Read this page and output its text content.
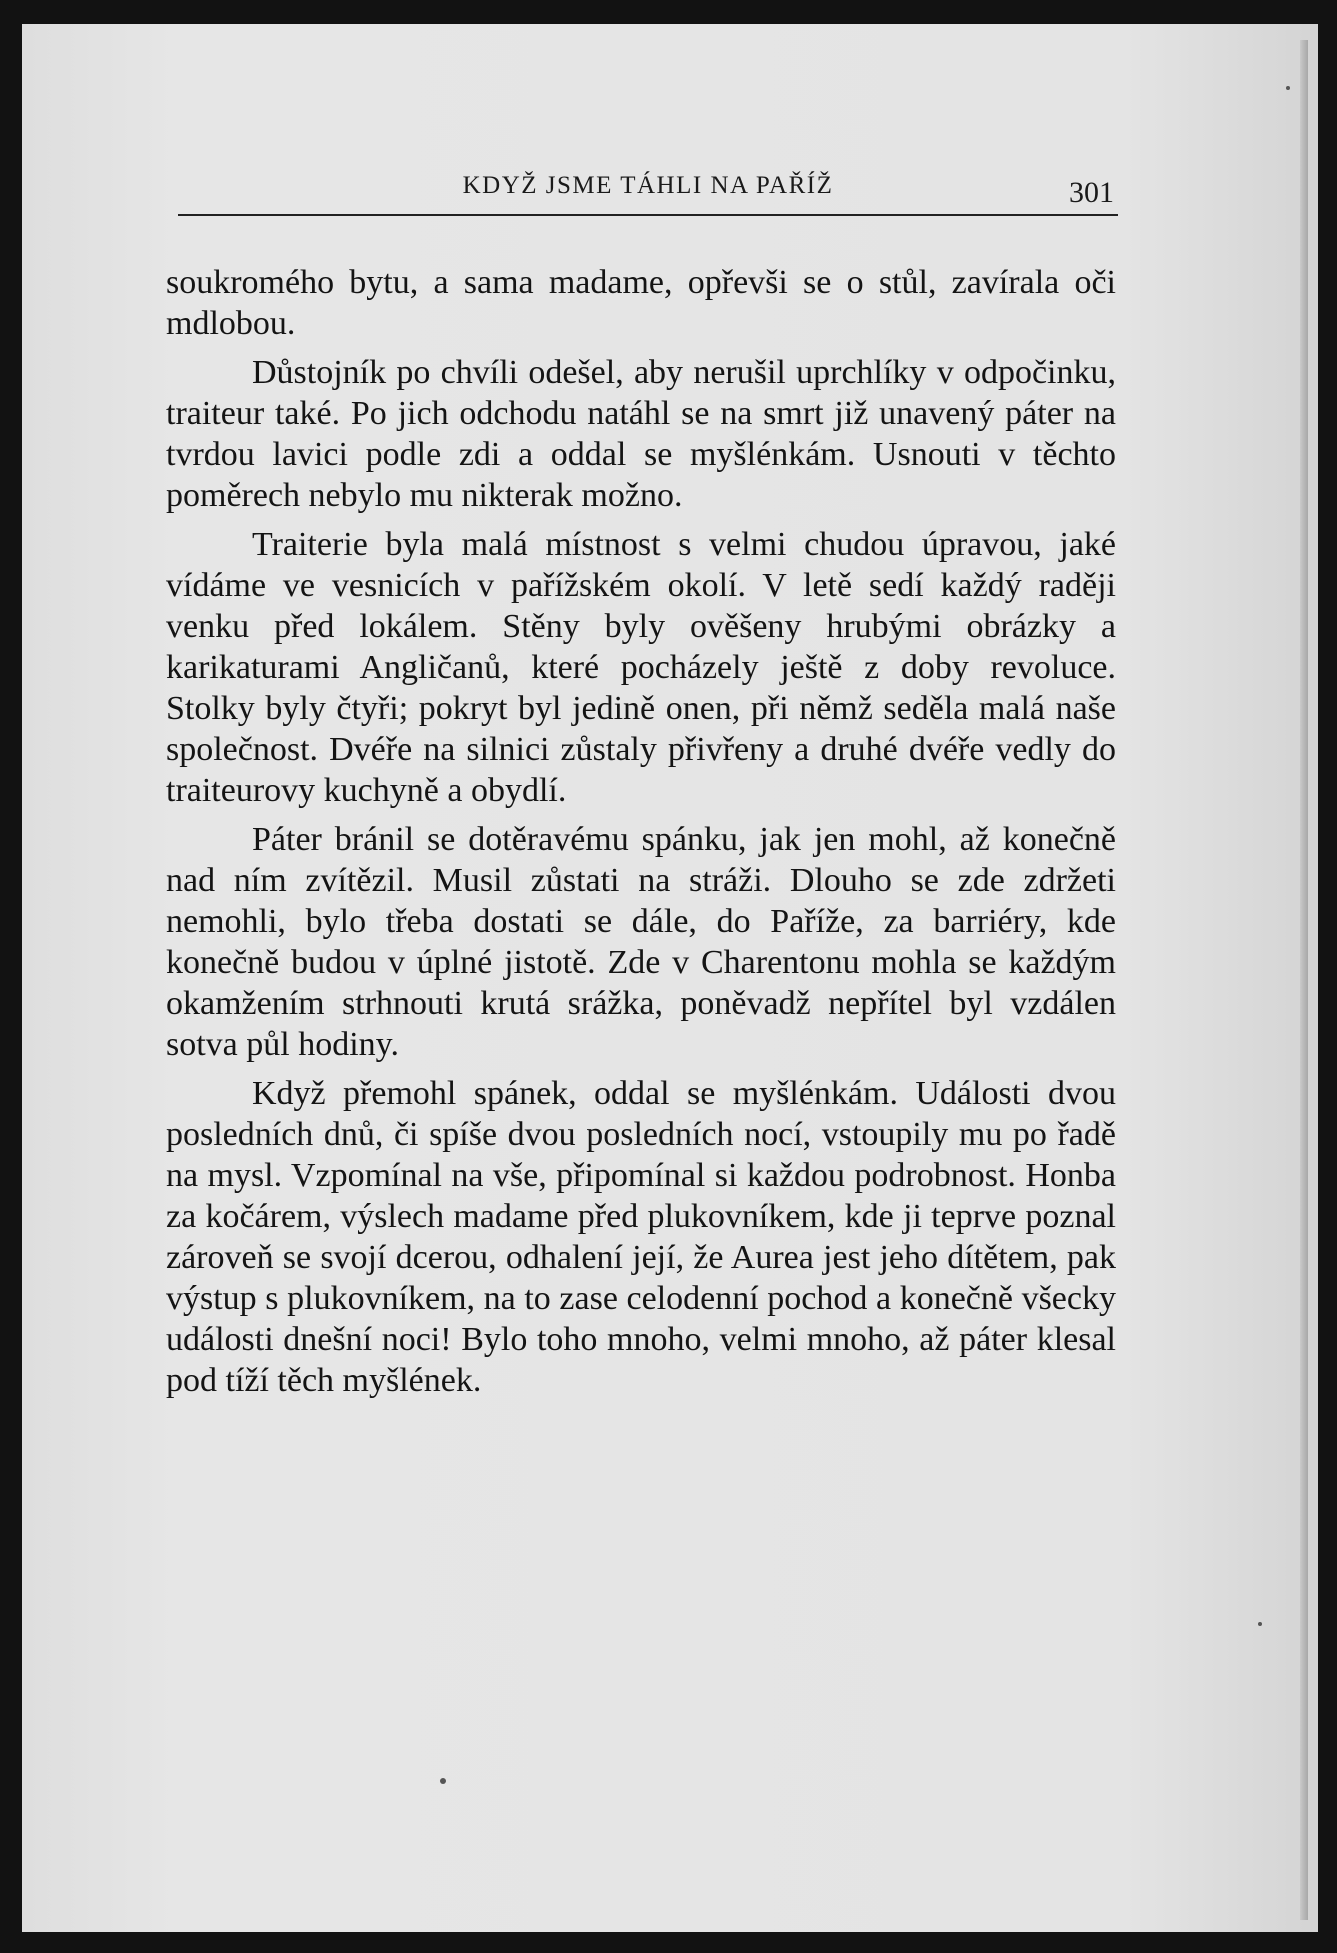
KDYŽ JSME TÁHLI NA PAŘÍŽ	301

soukromého bytu, a sama madame, opřevši se o stůl, zavírala oči mdlobou.

Důstojník po chvíli odešel, aby nerušil uprchlíky v odpočinku, traiteur také. Po jich odchodu natáhl se na smrt již unavený páter na tvrdou lavici podle zdi a oddal se myšlénkám. Usnouti v těchto poměrech nebylo mu nikterak možno.

Traiterie byla malá místnost s velmi chudou úpravou, jaké vídáme ve vesnicích v pařížském okolí. V letě sedí každý raději venku před lokálem. Stěny byly ověšeny hrubými obrázky a karikaturami Angličanů, které pocházely ještě z doby revoluce. Stolky byly čtyři; pokryt byl jedině onen, při němž seděla malá naše společnost. Dvéře na silnici zůstaly přivřeny a druhé dvéře vedly do traiteurovy kuchyně a obydlí.

Páter bránil se dotěravému spánku, jak jen mohl, až konečně nad ním zvítězil. Musil zůstati na stráži. Dlouho se zde zdržeti nemohli, bylo třeba dostati se dále, do Paříže, za barriéry, kde konečně budou v úplné jistotě. Zde v Charentonu mohla se každým okamžením strhnouti krutá srážka, poněvadž nepřítel byl vzdálen sotva půl hodiny.

Když přemohl spánek, oddal se myšlénkám. Události dvou posledních dnů, či spíše dvou posledních nocí, vstoupily mu po řadě na mysl. Vzpomínal na vše, připomínal si každou podrobnost. Honba za kočárem, výslech madame před plukovníkem, kde ji teprve poznal zároveň se svojí dcerou, odhalení její, že Aurea jest jeho dítětem, pak výstup s plukovníkem, na to zase celodenní pochod a konečně všecky události dnešní noci! Bylo toho mnoho, velmi mnoho, až páter klesal pod tíží těch myšlének.
